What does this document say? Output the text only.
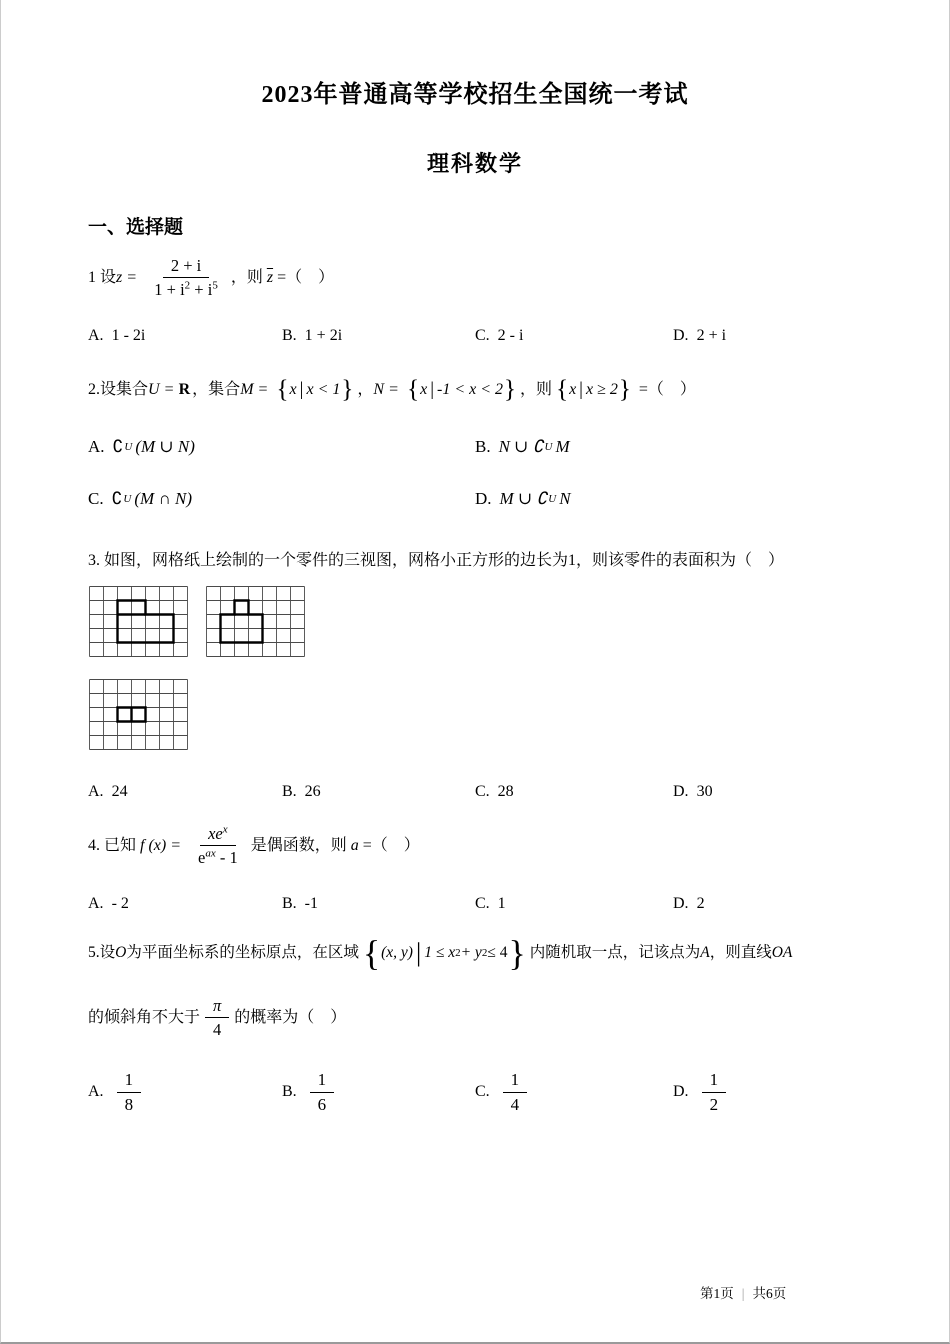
2023年普通高等学校招生全国统一考试
理科数学
一、选择题
1 设 $z = \frac{2 + i}{1 + i^2 + i^5}$ ，则 $\overline{z}$ =（　）
A. 1 - 2i	B. 1 + 2i	C. 2 - i	D. 2 + i
2.设集合 U = R ，集合 M = { x | x < 1 } ， N = { x | -1 < x < 2 } ，则 { x | x ≥ 2 } =（　）
A. ∁ U (M ∪ N)	B. N ∪ ∁ U M
C. ∁ U (M ∩ N)	D. M ∪ ∁ U N
3. 如图，网格纸上绘制的一个零件的三视图，网格小正方形的边长为1，则该零件的表面积为（　）
A. 24	B. 26	C. 28	D. 30
4. 已知 f $(x) = \frac{xe^x}{e^{ax} - 1}$ 是偶函数，则 a =（　）
A. - 2	B. -1	C. 1	D. 2
5.设 O 为平面坐标系的坐标原点，在区域 { (x, y) | 1 ≤ x 2 + y 2 ≤ 4 } 内随机取一点，记该点为 A ，则直线 OA
的倾斜角不大于 $\frac{\pi}{4}$ 的概率为（　）
A. $\frac{1}{8}$	B. $\frac{1}{6}$	C. $\frac{1}{4}$	D. $\frac{1}{2}$
第1页 | 共6页
